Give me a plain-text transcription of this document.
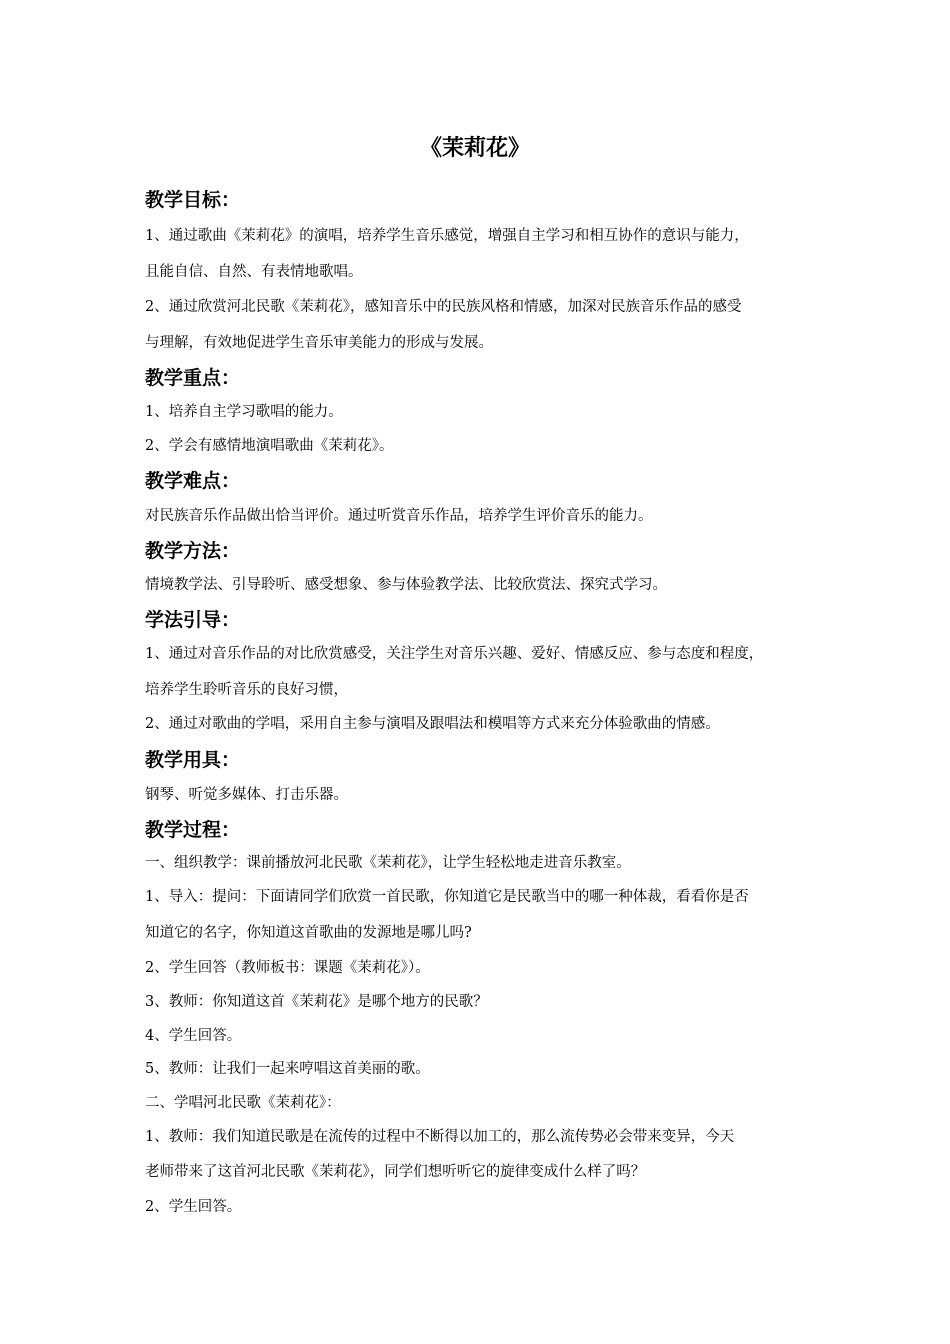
《茉莉花》
教学目标：

1、通过歌曲《茉莉花》的演唱，培养学生音乐感觉，增强自主学习和相互协作的意识与能力，

且能自信、自然、有表情地歌唱。

2、通过欣赏河北民歌《茉莉花》，感知音乐中的民族风格和情感，加深对民族音乐作品的感受

与理解，有效地促进学生音乐审美能力的形成与发展。

教学重点：

1、培养自主学习歌唱的能力。

2、学会有感情地演唱歌曲《茉莉花》。

教学难点：

对民族音乐作品做出恰当评价。通过听赏音乐作品，培养学生评价音乐的能力。

教学方法：

情境教学法、引导聆听、感受想象、参与体验教学法、比较欣赏法、探究式学习。

学法引导：

1、通过对音乐作品的对比欣赏感受，关注学生对音乐兴趣、爱好、情感反应、参与态度和程度，

培养学生聆听音乐的良好习惯，

2、通过对歌曲的学唱，采用自主参与演唱及跟唱法和模唱等方式来充分体验歌曲的情感。

教学用具：

钢琴、听觉多媒体、打击乐器。

教学过程：

一、组织教学：课前播放河北民歌《茉莉花》，让学生轻松地走进音乐教室。

1、导入：提问：下面请同学们欣赏一首民歌，你知道它是民歌当中的哪一种体裁，看看你是否

知道它的名字，你知道这首歌曲的发源地是哪儿吗?

2、学生回答（教师板书：课题《茉莉花》）。

3、教师：你知道这首《茉莉花》是哪个地方的民歌？

4、学生回答。

5、教师：让我们一起来哼唱这首美丽的歌。

二、学唱河北民歌《茉莉花》：

1、教师：我们知道民歌是在流传的过程中不断得以加工的，那么流传势必会带来变异，今天

老师带来了这首河北民歌《茉莉花》，同学们想听听它的旋律变成什么样了吗？

2、学生回答。
